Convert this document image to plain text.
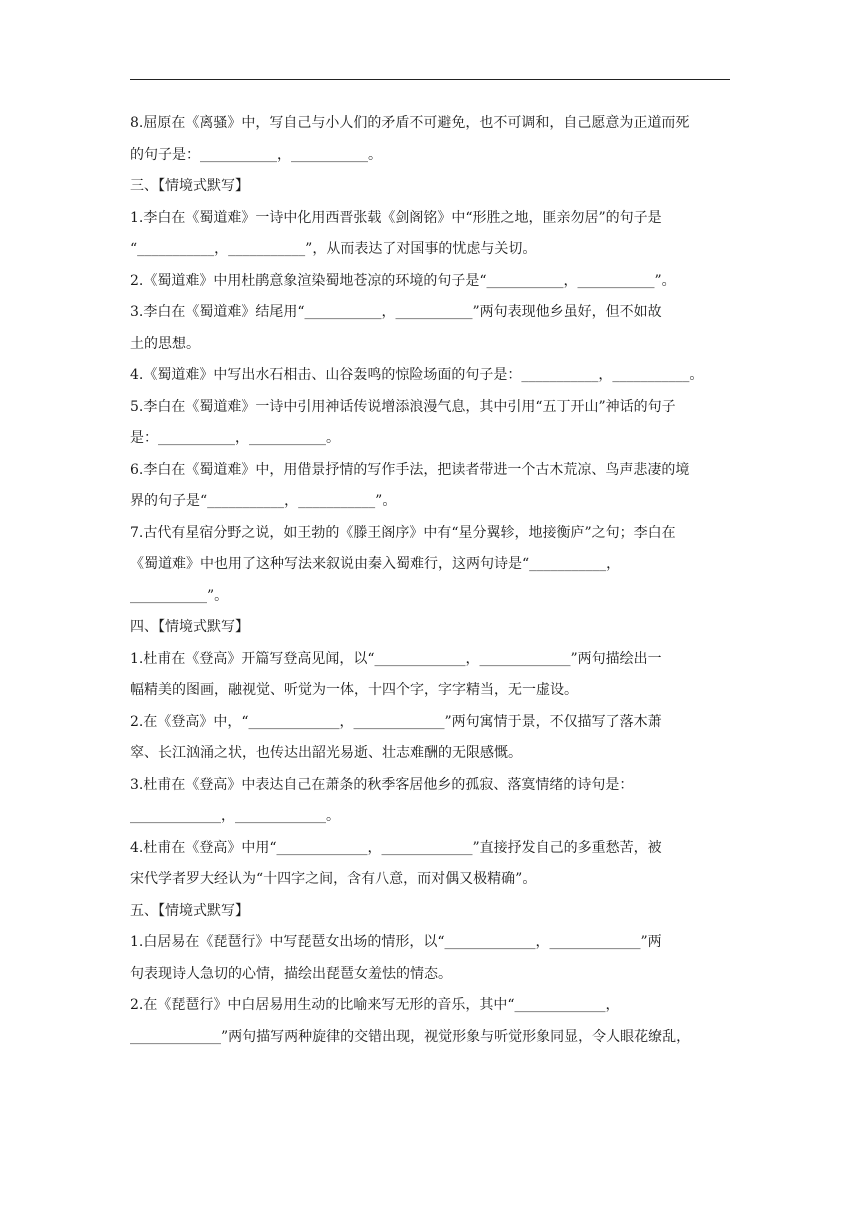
8.屈原在《离骚》中，写自己与小人们的矛盾不可避免，也不可调和，自己愿意为正道而死
的句子是：___________，___________。
三、【情境式默写】
1.李白在《蜀道难》一诗中化用西晋张载《剑阁铭》中“形胜之地，匪亲勿居”的句子是
“___________，___________”，从而表达了对国事的忧虑与关切。
2.《蜀道难》中用杜鹃意象渲染蜀地苍凉的环境的句子是“___________，___________”。
3.李白在《蜀道难》结尾用“___________，___________”两句表现他乡虽好，但不如故
土的思想。
4.《蜀道难》中写出水石相击、山谷轰鸣的惊险场面的句子是：___________，___________。
5.李白在《蜀道难》一诗中引用神话传说增添浪漫气息，其中引用“五丁开山”神话的句子
是：___________，___________。
6.李白在《蜀道难》中，用借景抒情的写作手法，把读者带进一个古木荒凉、鸟声悲凄的境
界的句子是“___________，___________”。
7.古代有星宿分野之说，如王勃的《滕王阁序》中有“星分翼轸，地接衡庐”之句；李白在
《蜀道难》中也用了这种写法来叙说由秦入蜀难行，这两句诗是“___________，
___________”。
四、【情境式默写】
1.杜甫在《登高》开篇写登高见闻，以“_____________，_____________”两句描绘出一
幅精美的图画，融视觉、听觉为一体，十四个字，字字精当，无一虚设。
2.在《登高》中，“_____________，_____________”两句寓情于景，不仅描写了落木萧
窣、长江汹涌之状，也传达出韶光易逝、壮志难酬的无限感慨。
3.杜甫在《登高》中表达自己在萧条的秋季客居他乡的孤寂、落寞情绪的诗句是：
_____________，_____________。
4.杜甫在《登高》中用“_____________，_____________”直接抒发自己的多重愁苦，被
宋代学者罗大经认为“十四字之间，含有八意，而对偶又极精确”。
五、【情境式默写】
1.白居易在《琵琶行》中写琵琶女出场的情形，以“_____________，_____________”两
句表现诗人急切的心情，描绘出琵琶女羞怯的情态。
2.在《琵琶行》中白居易用生动的比喻来写无形的音乐，其中“_____________，
_____________”两句描写两种旋律的交错出现，视觉形象与听觉形象同显，令人眼花缭乱，
